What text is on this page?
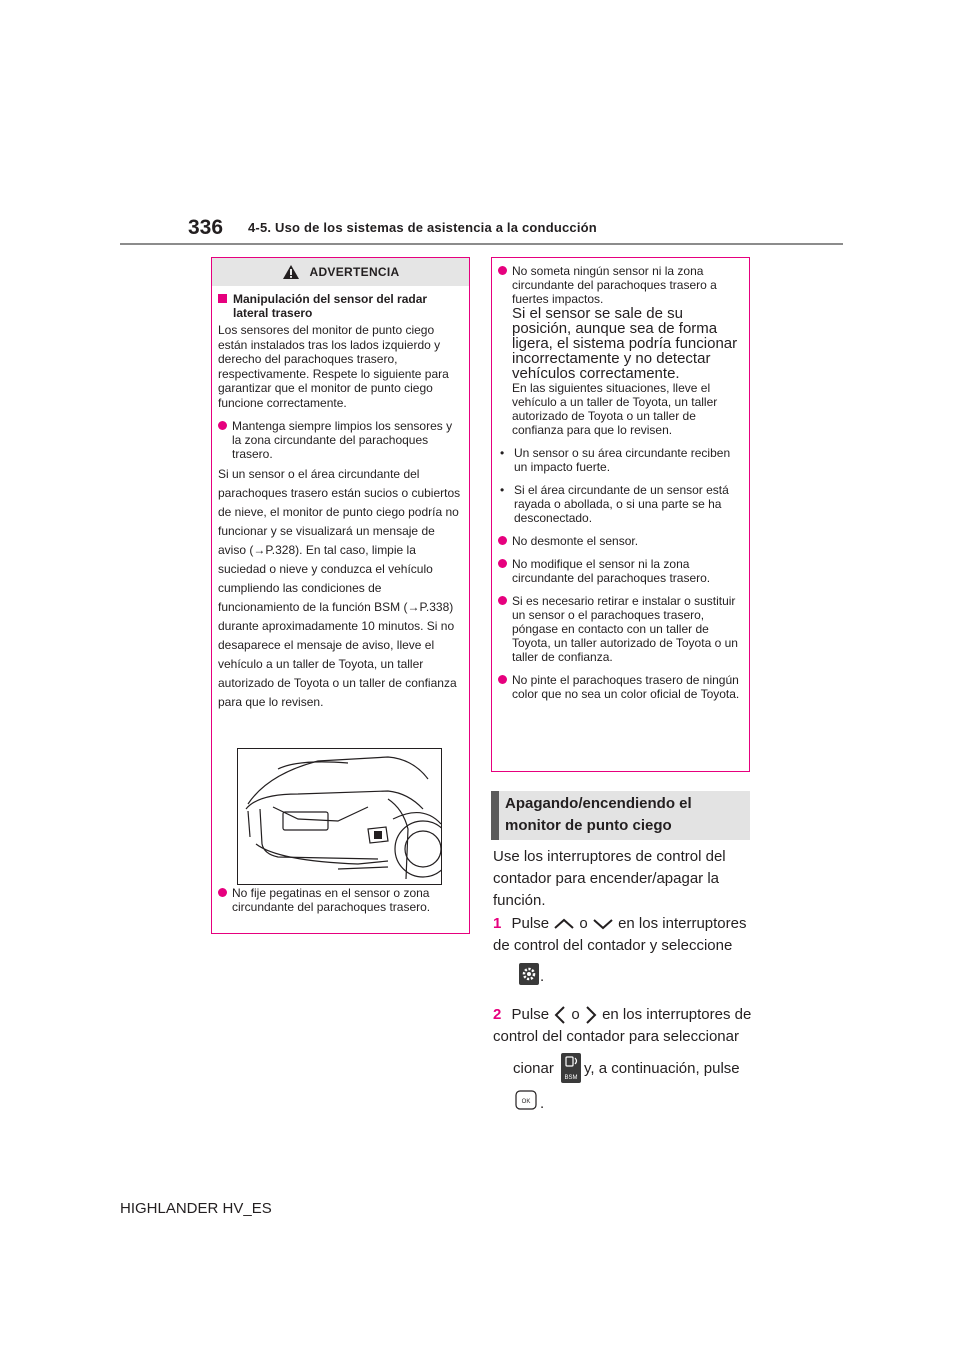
336 4-5. Uso de los sistemas de asistencia a la conducción
ADVERTENCIA
Manipulación del sensor del radar lateral trasero
Los sensores del monitor de punto ciego están instalados tras los lados izquierdo y derecho del parachoques trasero, respectivamente. Respete lo siguiente para garantizar que el monitor de punto ciego funcione correctamente.
Mantenga siempre limpios los sensores y la zona circundante del parachoques trasero.
Si un sensor o el área circundante del parachoques trasero están sucios o cubiertos de nieve, el monitor de punto ciego podría no funcionar y se visualizará un mensaje de aviso (→P.328). En tal caso, limpie la suciedad o nieve y conduzca el vehículo cumpliendo las condiciones de funcionamiento de la función BSM (→P.338) durante aproximadamente 10 minutos. Si no desaparece el mensaje de aviso, lleve el vehículo a un taller de Toyota, un taller autorizado de Toyota o un taller de confianza para que lo revisen.
No fije pegatinas en el sensor o zona circundante del parachoques trasero.
No someta ningún sensor ni la zona circundante del parachoques trasero a fuertes impactos.
Si el sensor se sale de su posición, aunque sea de forma ligera, el sistema podría funcionar incorrectamente y no detectar vehículos correctamente.
En las siguientes situaciones, lleve el vehículo a un taller de Toyota, un taller autorizado de Toyota o un taller de confianza para que lo revisen.
• Un sensor o su área circundante reciben un impacto fuerte.
• Si el área circundante de un sensor está rayada o abollada, o si una parte se ha desconectado.
No desmonte el sensor.
No modifique el sensor ni la zona circundante del parachoques trasero.
Si es necesario retirar e instalar o sustituir un sensor o el parachoques trasero, póngase en contacto con un taller de Toyota, un taller autorizado de Toyota o un taller de confianza.
No pinte el parachoques trasero de ningún color que no sea un color oficial de Toyota.
Apagando/encendiendo el monitor de punto ciego
Use los interruptores de control del contador para encender/apagar la función.
1 Pulse o en los interruptores de control del contador y seleccione
.
2 Pulse o en los interruptores de control del contador para seleccionar
BSM
cionar y, a continuación, pulse
OK .
HIGHLANDER HV_ES
